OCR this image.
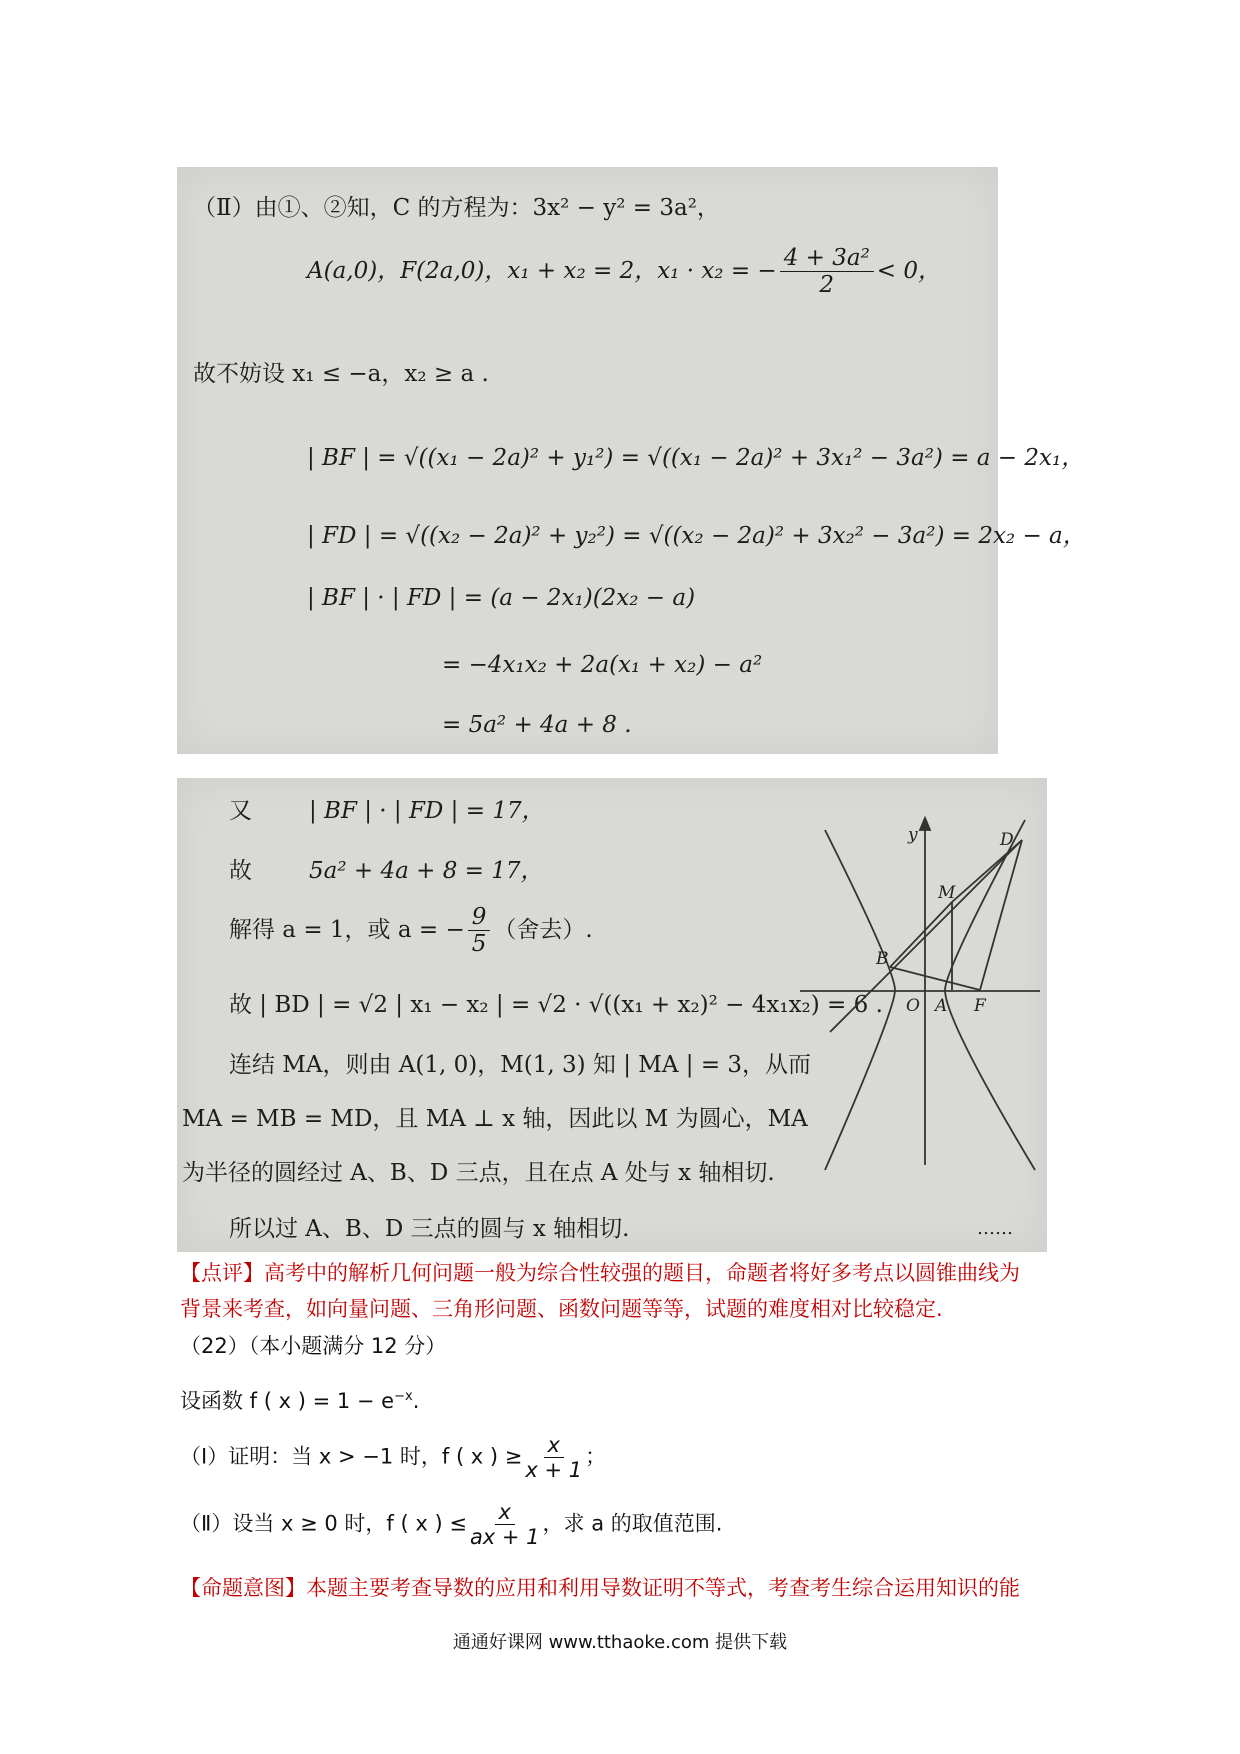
（Ⅱ）由①、②知，C 的方程为：3x² − y² = 3a²，
A(a,0)，F(2a,0)，x₁ + x₂ = 2，x₁ · x₂ = − $\frac{\text{4 + 3a²}}{2} < 0$，
故不妨设 x₁ ≤ −a，x₂ ≥ a .
| BF | = √((x₁ − 2a)² + y₁²) = √((x₁ − 2a)² + 3x₁² − 3a²) = a − 2x₁，
| FD | = √((x₂ − 2a)² + y₂²) = √((x₂ − 2a)² + 3x₂² − 3a²) = 2x₂ − a，
| BF | · | FD | = (a − 2x₁)(2x₂ − a)
= −4x₁x₂ + 2a(x₁ + x₂) − a²
= 5a² + 4a + 8 .
又 | BF | · | FD | = 17，
故 5a² + 4a + 8 = 17，
解得 a = 1，或 a = − $\frac{9}{5}$ （舍去）.
故 | BD | = √2 | x₁ − x₂ | = √2 · √((x₁ + x₂)² − 4x₁x₂) = 6 .
连结 MA，则由 A(1, 0)，M(1, 3) 知 | MA | = 3，从而
MA = MB = MD，且 MA ⊥ x 轴，因此以 M 为圆心，MA
为半径的圆经过 A、B、D 三点，且在点 A 处与 x 轴相切.
所以过 A、B、D 三点的圆与 x 轴相切.	……
y	D
M
B
O A F
【点评】高考中的解析几何问题一般为综合性较强的题目，命题者将好多考点以圆锥曲线为
背景来考查，如向量问题、三角形问题、函数问题等等，试题的难度相对比较稳定.
（22）（本小题满分 12 分）
设函数 f ( x ) = $1 - e^{-x}$.
（Ⅰ）证明：当 x > −1 时，f ( x ) ≥ $\frac{x}{x + 1}$ ；
（Ⅱ）设当 x ≥ 0 时，f ( x ) ≤ $\frac{x}{ax + 1}$ ，求 a 的取值范围.
【命题意图】本题主要考查导数的应用和利用导数证明不等式，考查考生综合运用知识的能
通通好课网 www.tthaoke.com 提供下载
